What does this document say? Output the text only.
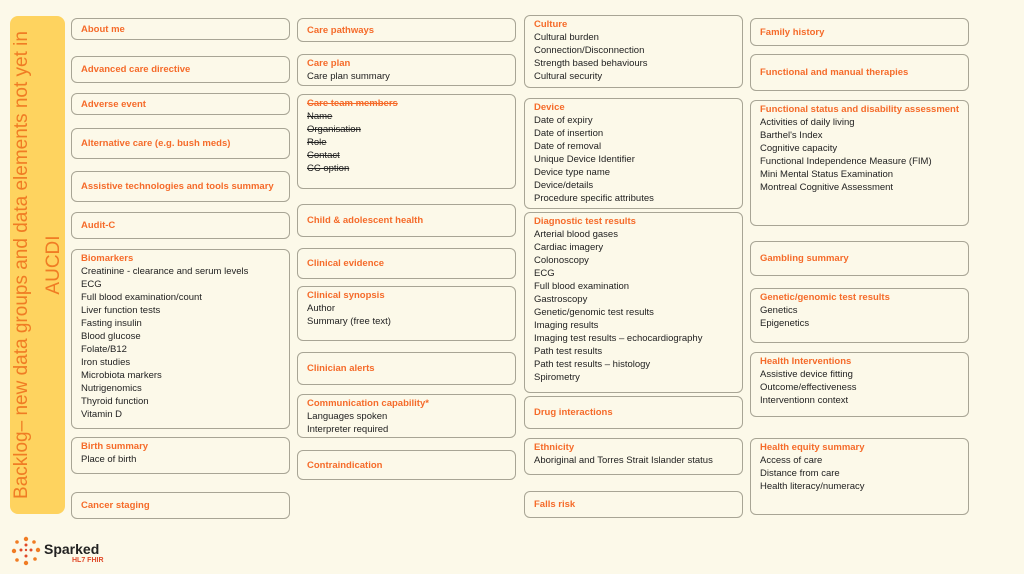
Backlog– new data groups and data elements not yet in AUCDI
About me
Advanced care directive
Adverse event
Alternative care (e.g. bush meds)
Assistive technologies and tools summary
Audit-C
Biomarkers
Creatinine - clearance and serum levels
ECG
Full blood examination/count
Liver function tests
Fasting insulin
Blood glucose
Folate/B12
Iron studies
Microbiota markers
Nutrigenomics
Thyroid function
Vitamin D
Birth summary
Place of birth
Cancer staging
Care pathways
Care plan
Care plan summary
Care team members
Name
Organisation
Role
Contact
CC option
Child & adolescent health
Clinical evidence
Clinical synopsis
Author
Summary (free text)
Clinician alerts
Communication capability*
Languages spoken
Interpreter required
Contraindication
Culture
Cultural burden
Connection/Disconnection
Strength based behaviours
Cultural security
Device
Date of expiry
Date of insertion
Date of removal
Unique Device Identifier
Device type name
Device/details
Procedure specific attributes
Diagnostic test results
Arterial blood gases
Cardiac imagery
Colonoscopy
ECG
Full blood examination
Gastroscopy
Genetic/genomic test results
Imaging results
Imaging test results – echocardiography
Path test results
Path test results – histology
Spirometry
Drug interactions
Ethnicity
Aboriginal and Torres Strait Islander status
Falls risk
Family history
Functional and manual therapies
Functional status and disability assessment
Activities of daily living
Barthel's Index
Cognitive capacity
Functional Independence Measure (FIM)
Mini Mental Status Examination
Montreal Cognitive Assessment
Gambling summary
Genetic/genomic test results
Genetics
Epigenetics
Health Interventions
Assistive device fitting
Outcome/effectiveness
Interventionn context
Health equity summary
Access of care
Distance from care
Health literacy/numeracy
Sparked
HL7 FHIR
